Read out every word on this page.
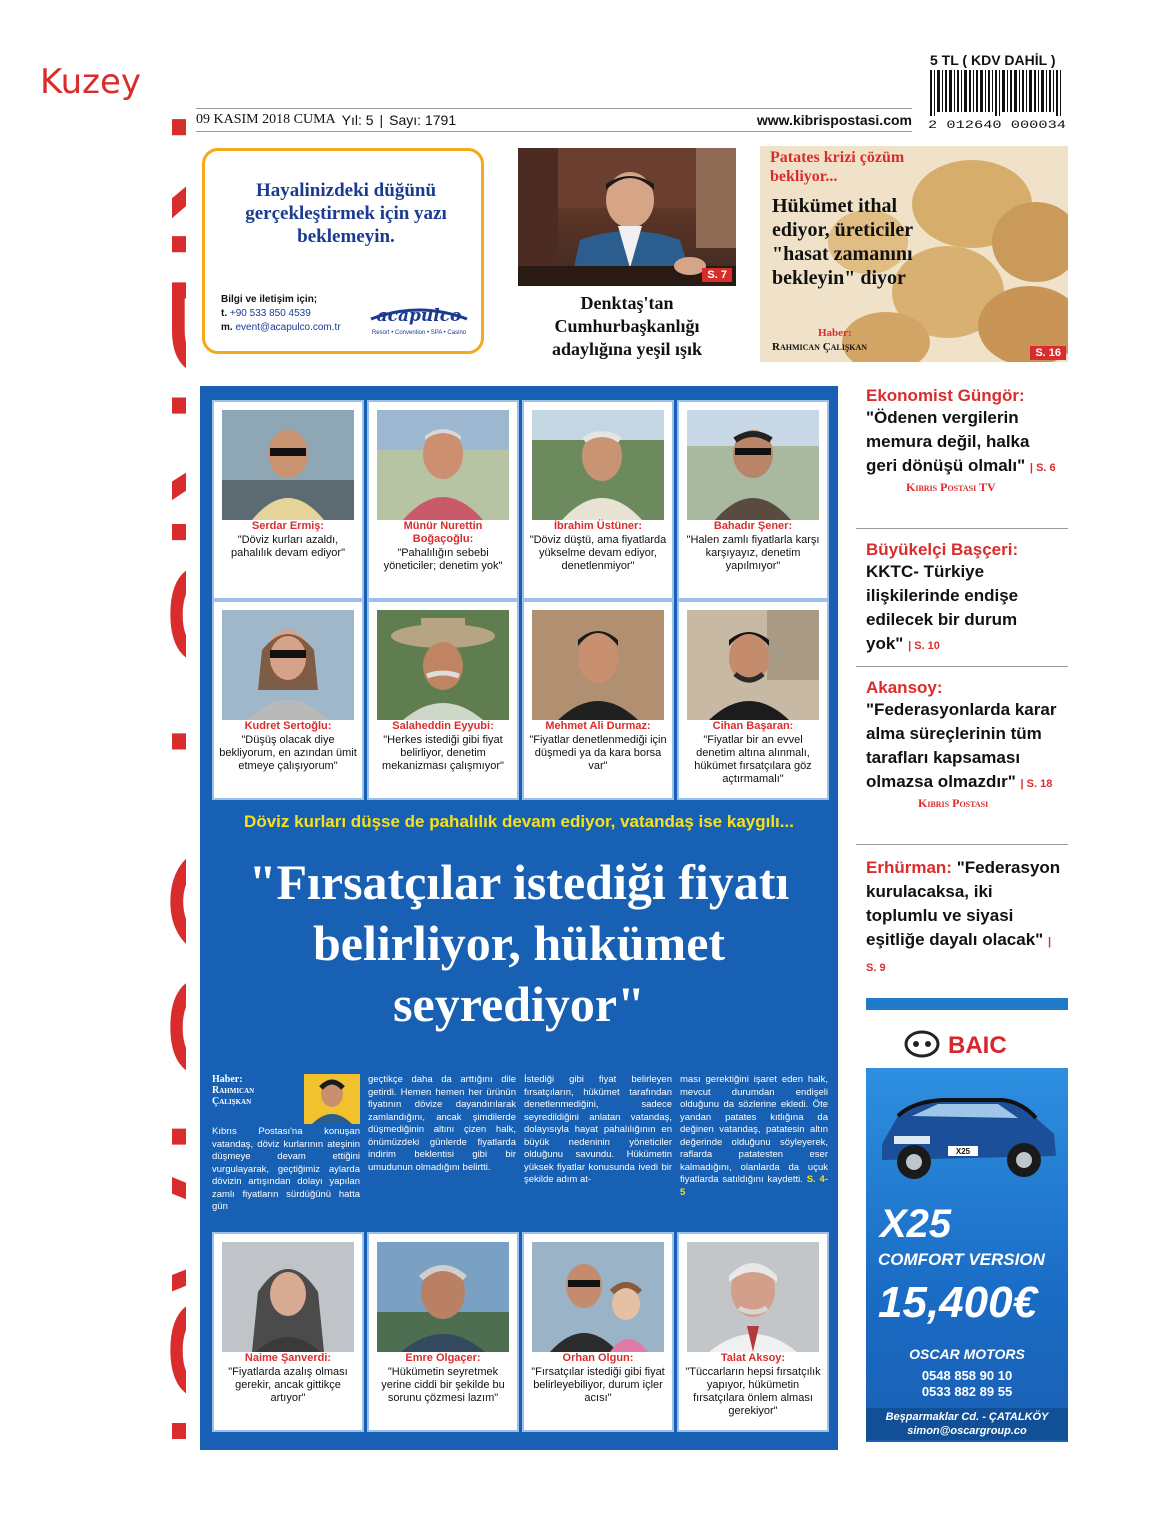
Kuzey
KIBRIS POSTASI
09 KASIM 2018 CUMA Yıl: 5 | Sayı: 1791	www.kibrispostasi.com
5 TL ( KDV DAHİL )
2 012640 000034
Hayalinizdeki düğünü gerçekleştirmek için yazı beklemeyin.
Bilgi ve iletişim için;
t. +90 533 850 4539
m. event@acapulco.com.tr
acapulco
Resort • Convention • SPA • Casino
S. 7
Denktaş'tan Cumhurbaşkanlığı adaylığına yeşil ışık
Patates krizi çözüm bekliyor...
Hükümet ithal ediyor, üreticiler "hasat zamanını bekleyin" diyor
Haber:
Rahmican Çalışkan	S. 16
Serdar Ermiş:
"Döviz kurları azaldı, pahalılık devam ediyor"
Münür Nurettin Boğaçoğlu:
"Pahalılığın sebebi yöneticiler; denetim yok"
İbrahim Üstüner:
"Döviz düştü, ama fiyatlarda yükselme devam ediyor, denetlenmiyor"
Bahadır Şener:
"Halen zamlı fiyatlarla karşı karşıyayız, denetim yapılmıyor"
Kudret Sertoğlu:
"Düşüş olacak diye bekliyorum, en azından ümit etmeye çalışıyorum"
Salaheddin Eyyubi:
"Herkes istediği gibi fiyat belirliyor, denetim mekanizması çalışmıyor"
Mehmet Ali Durmaz:
"Fiyatlar denetlenmediği için düşmedi ya da kara borsa var"
Cihan Başaran:
"Fiyatlar bir an evvel denetim altına alınmalı, hükümet fırsatçılara göz açtırmamalı"
Döviz kurları düşse de pahalılık devam ediyor, vatandaş ise kaygılı...
"Fırsatçılar istediği fiyatı belirliyor, hükümet seyrediyor"
Haber:
Rahmican Çalışkan
Kıbrıs Postası'na konuşan vatandaş, döviz kurlarının ateşinin düşmeye devam ettiğini vurgulayarak, geçtiğimiz aylarda dövizin artışından dolayı yapılan zamlı fiyatların sürdüğünü hatta gün
geçtikçe daha da arttığını dile getirdi. Hemen hemen her ürünün fiyatının dövize dayandırılarak zamlandığını, ancak şimdilerde düşmediğinin altını çizen halk, önümüzdeki günlerde fiyatlarda indirim beklentisi gibi bir umudunun olmadığını belirtti.
İstediği gibi fiyat belirleyen fırsatçıların, hükümet tarafından denetlenmediğini, sadece seyredildiğini anlatan vatandaş, dolayısıyla hayat pahalılığının en büyük nedeninin yöneticiler olduğunu savundu. Hükümetin yüksek fiyatlar konusunda ivedi bir şekilde adım at-
ması gerektiğini işaret eden halk, mevcut durumdan endişeli olduğunu da sözlerine ekledi. Öte yandan patates kıtlığına da değinen vatandaş, patatesin altın değerinde olduğunu söyleyerek, raflarda patatesten eser kalmadığını, olanlarda da uçuk fiyatlarda satıldığını kaydetti. S. 4-5
Naime Şanverdi:
"Fiyatlarda azalış olması gerekir, ancak gittikçe artıyor"
Emre Olgaçer:
"Hükümetin seyretmek yerine ciddi bir şekilde bu sorunu çözmesi lazım"
Orhan Olgun:
"Fırsatçılar istediği gibi fiyat belirleyebiliyor, durum içler acısı"
Talat Aksoy:
"Tüccarların hepsi fırsatçılık yapıyor, hükümetin fırsatçılara önlem alması gerekiyor"
Ekonomist Güngör:
"Ödenen vergilerin memura değil, halka geri dönüşü olmalı" | S. 6
Kıbrıs Postası TV
Büyükelçi Başçeri:
KKTC- Türkiye ilişkilerinde endişe edilecek bir durum yok" | S. 10
Akansoy:
"Federasyonlarda karar alma süreçlerinin tüm tarafları kapsaması olmazsa olmazdır" | S. 18
Kıbrıs Postası
Erhürman: "Federasyon kurulacaksa, iki toplumlu ve siyasi eşitliğe dayalı olacak" | S. 9
BAIC
X25
X25
COMFORT VERSION
15,400€
OSCAR MOTORS
0548 858 90 10
0533 882 89 55
Beşparmaklar Cd. - ÇATALKÖY
simon@oscargroup.co
